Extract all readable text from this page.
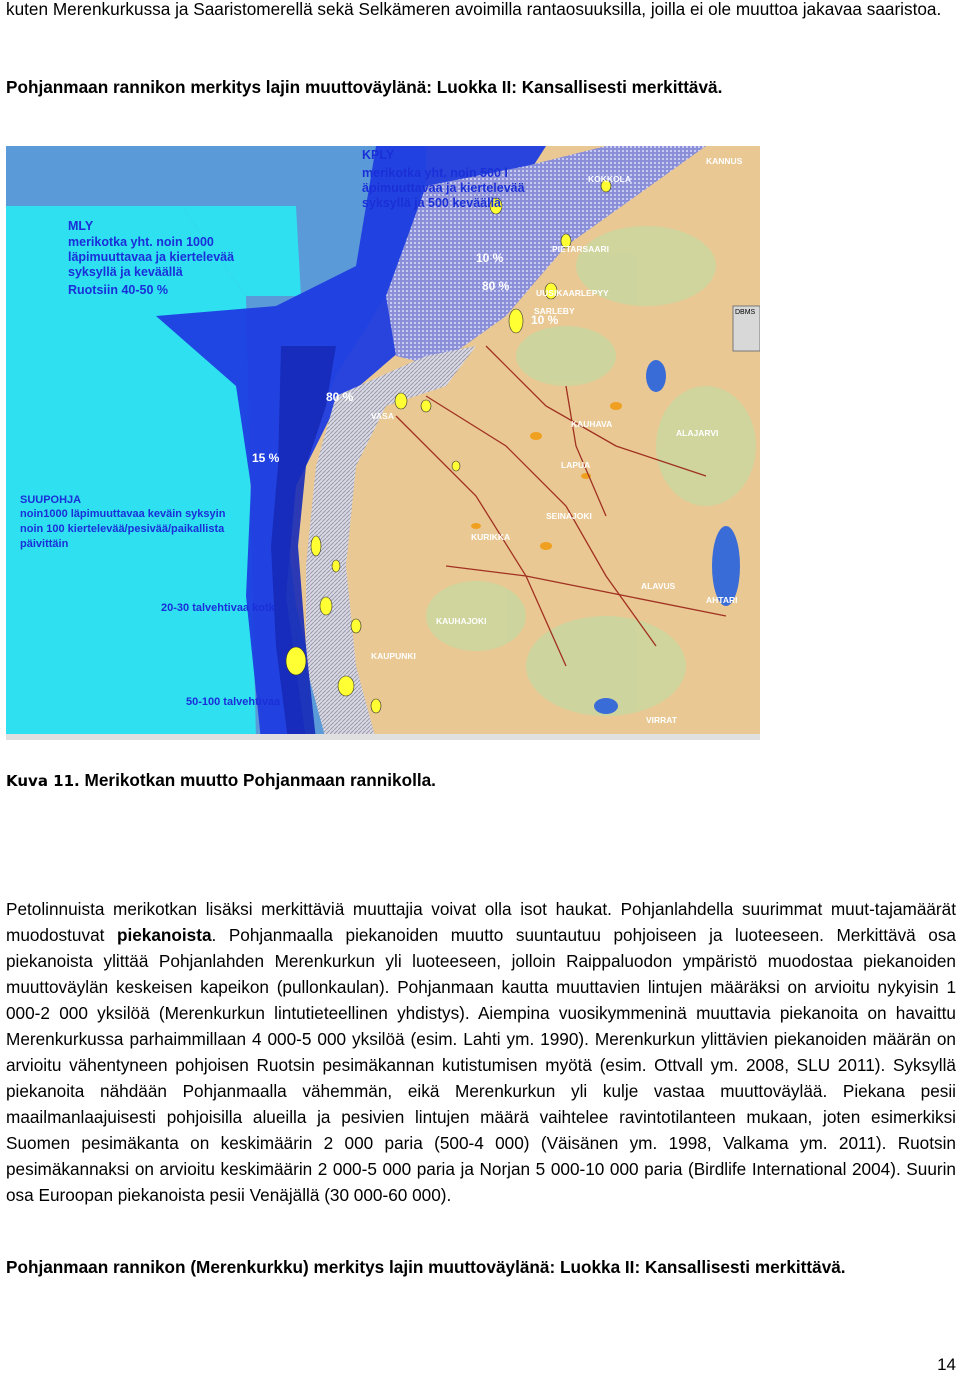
kuten Merenkurkussa ja Saaristomerellä sekä Selkämeren avoimilla rantaosuuksilla, joilla ei ole muuttoa jakavaa saaristoa.

Pohjanmaan rannikon merkitys lajin muuttoväylänä: Luokka II: Kansallisesti merkittävä.

DBMS
KPLY
merikotka yht. noin 500 l
äpimuuttavaa ja kiertelevää
syksyllä ja 500 keväällä
MLY
merikotka yht. noin 1000
läpimuuttavaa ja kiertelevää
syksyllä ja keväällä
Ruotsiin 40-50 %
SUUPOHJA
noin1000 läpimuuttavaa keväin syksyin
noin 100 kiertelevää/pesivää/paikallista
päivittäin
20-30 talvehtivaa kotk
50-100 talvehtivaa
10 %
80 %
10 %
80 %
15 %
KOKKOLA
KANNUS
PIETARSAARI
UUSIKAARLEPYY
SARLEBY
VASA
KAUHAVA
LAPUA
ALAJARVI
SEINAJOKI
KURIKKA
ALAVUS
AHTARI
KAUHAJOKI
KAUPUNKI
VIRRAT
Kuva 11. Merikotkan muutto Pohjanmaan rannikolla.

Petolinnuista merikotkan lisäksi merkittäviä muuttajia voivat olla isot haukat. Pohjanlahdella suurimmat muut-tajamäärät muodostuvat piekanoista. Pohjanmaalla piekanoiden muutto suuntautuu pohjoiseen ja luoteeseen. Merkittävä osa piekanoista ylittää Pohjanlahden Merenkurkun yli luoteeseen, jolloin Raippaluodon ympäristö muodostaa piekanoiden muuttoväylän keskeisen kapeikon (pullonkaulan). Pohjanmaan kautta muuttavien lintujen määräksi on arvioitu nykyisin 1 000-2 000 yksilöä (Merenkurkun lintutieteellinen yhdistys). Aiempina vuosikymmeninä muuttavia piekanoita on havaittu Merenkurkussa parhaimmillaan 4 000-5 000 yksilöä (esim. Lahti ym. 1990). Merenkurkun ylittävien piekanoiden määrän on arvioitu vähentyneen pohjoisen Ruotsin pesimäkannan kutistumisen myötä (esim. Ottvall ym. 2008, SLU 2011). Syksyllä piekanoita nähdään Pohjanmaalla vähemmän, eikä Merenkurkun yli kulje vastaa muuttoväylää. Piekana pesii maailmanlaajuisesti pohjoisilla alueilla ja pesivien lintujen määrä vaihtelee ravintotilanteen mukaan, joten esimerkiksi Suomen pesimäkanta on keskimäärin 2 000 paria (500-4 000) (Väisänen ym. 1998, Valkama ym. 2011). Ruotsin pesimäkannaksi on arvioitu keskimäärin 2 000-5 000 paria ja Norjan 5 000-10 000 paria (Birdlife International 2004). Suurin osa Euroopan piekanoista pesii Venäjällä (30 000-60 000).

Pohjanmaan rannikon (Merenkurkku) merkitys lajin muuttoväylänä: Luokka II: Kansallisesti merkittävä.

14
